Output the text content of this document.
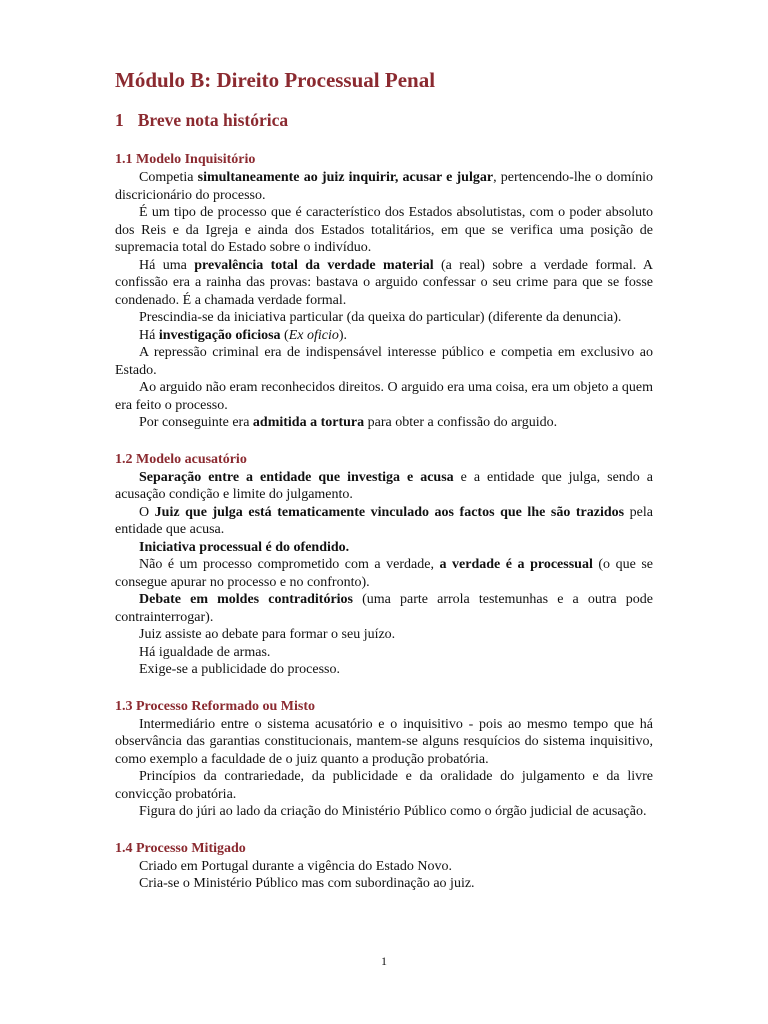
Módulo B: Direito Processual Penal
1 Breve nota histórica
1.1 Modelo Inquisitório

Competia simultaneamente ao juiz inquirir, acusar e julgar, pertencendo-lhe o domínio discricionário do processo.

É um tipo de processo que é característico dos Estados absolutistas, com o poder absoluto dos Reis e da Igreja e ainda dos Estados totalitários, em que se verifica uma posição de supremacia total do Estado sobre o indivíduo.

Há uma prevalência total da verdade material (a real) sobre a verdade formal. A confissão era a rainha das provas: bastava o arguido confessar o seu crime para que se fosse condenado. É a chamada verdade formal.

Prescindia-se da iniciativa particular (da queixa do particular) (diferente da denuncia).

Há investigação oficiosa (Ex oficio).

A repressão criminal era de indispensável interesse público e competia em exclusivo ao Estado.

Ao arguido não eram reconhecidos direitos. O arguido era uma coisa, era um objeto a quem era feito o processo.

Por conseguinte era admitida a tortura para obter a confissão do arguido.

1.2 Modelo acusatório

Separação entre a entidade que investiga e acusa e a entidade que julga, sendo a acusação condição e limite do julgamento.

O Juiz que julga está tematicamente vinculado aos factos que lhe são trazidos pela entidade que acusa.

Iniciativa processual é do ofendido.

Não é um processo comprometido com a verdade, a verdade é a processual (o que se consegue apurar no processo e no confronto).

Debate em moldes contraditórios (uma parte arrola testemunhas e a outra pode contrainterrogar).

Juiz assiste ao debate para formar o seu juízo.

Há igualdade de armas.

Exige-se a publicidade do processo.

1.3 Processo Reformado ou Misto

Intermediário entre o sistema acusatório e o inquisitivo - pois ao mesmo tempo que há observância das garantias constitucionais, mantem-se alguns resquícios do sistema inquisitivo, como exemplo a faculdade de o juiz quanto a produção probatória.

Princípios da contrariedade, da publicidade e da oralidade do julgamento e da livre convicção probatória.

Figura do júri ao lado da criação do Ministério Público como o órgão judicial de acusação.

1.4 Processo Mitigado

Criado em Portugal durante a vigência do Estado Novo.

Cria-se o Ministério Público mas com subordinação ao juiz.

1
